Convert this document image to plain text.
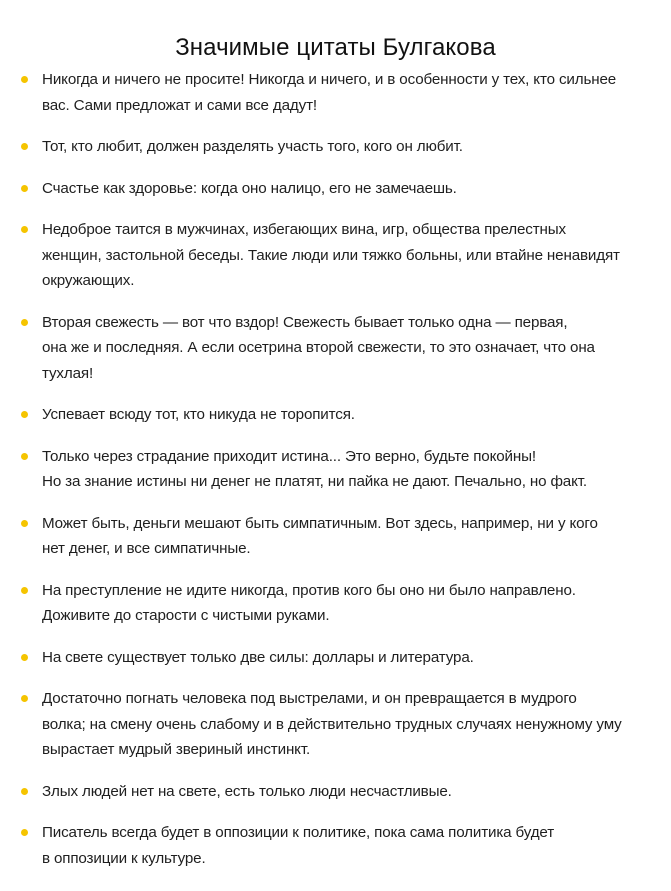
Значимые цитаты Булгакова
Никогда и ничего не просите! Никогда и ничего, и в особенности у тех, кто сильнее
вас. Сами предложат и сами все дадут!
Тот, кто любит, должен разделять участь того, кого он любит.
Счастье как здоровье: когда оно налицо, его не замечаешь.
Недоброе таится в мужчинах, избегающих вина, игр, общества прелестных
женщин, застольной беседы. Такие люди или тяжко больны, или втайне ненавидят
окружающих.
Вторая свежесть — вот что вздор! Свежесть бывает только одна — первая,
она же и последняя. А если осетрина второй свежести, то это означает, что она
тухлая!
Успевает всюду тот, кто никуда не торопится.
Только через страдание приходит истина... Это верно, будьте покойны!
Но за знание истины ни денег не платят, ни пайка не дают. Печально, но факт.
Может быть, деньги мешают быть симпатичным. Вот здесь, например, ни у кого
нет денег, и все симпатичные.
На преступление не идите никогда, против кого бы оно ни было направлено.
Доживите до старости с чистыми руками.
На свете существует только две силы: доллары и литература.
Достаточно погнать человека под выстрелами, и он превращается в мудрого
волка; на смену очень слабому и в действительно трудных случаях ненужному уму
вырастает мудрый звериный инстинкт.
Злых людей нет на свете, есть только люди несчастливые.
Писатель всегда будет в оппозиции к политике, пока сама политика будет
в оппозиции к культуре.
